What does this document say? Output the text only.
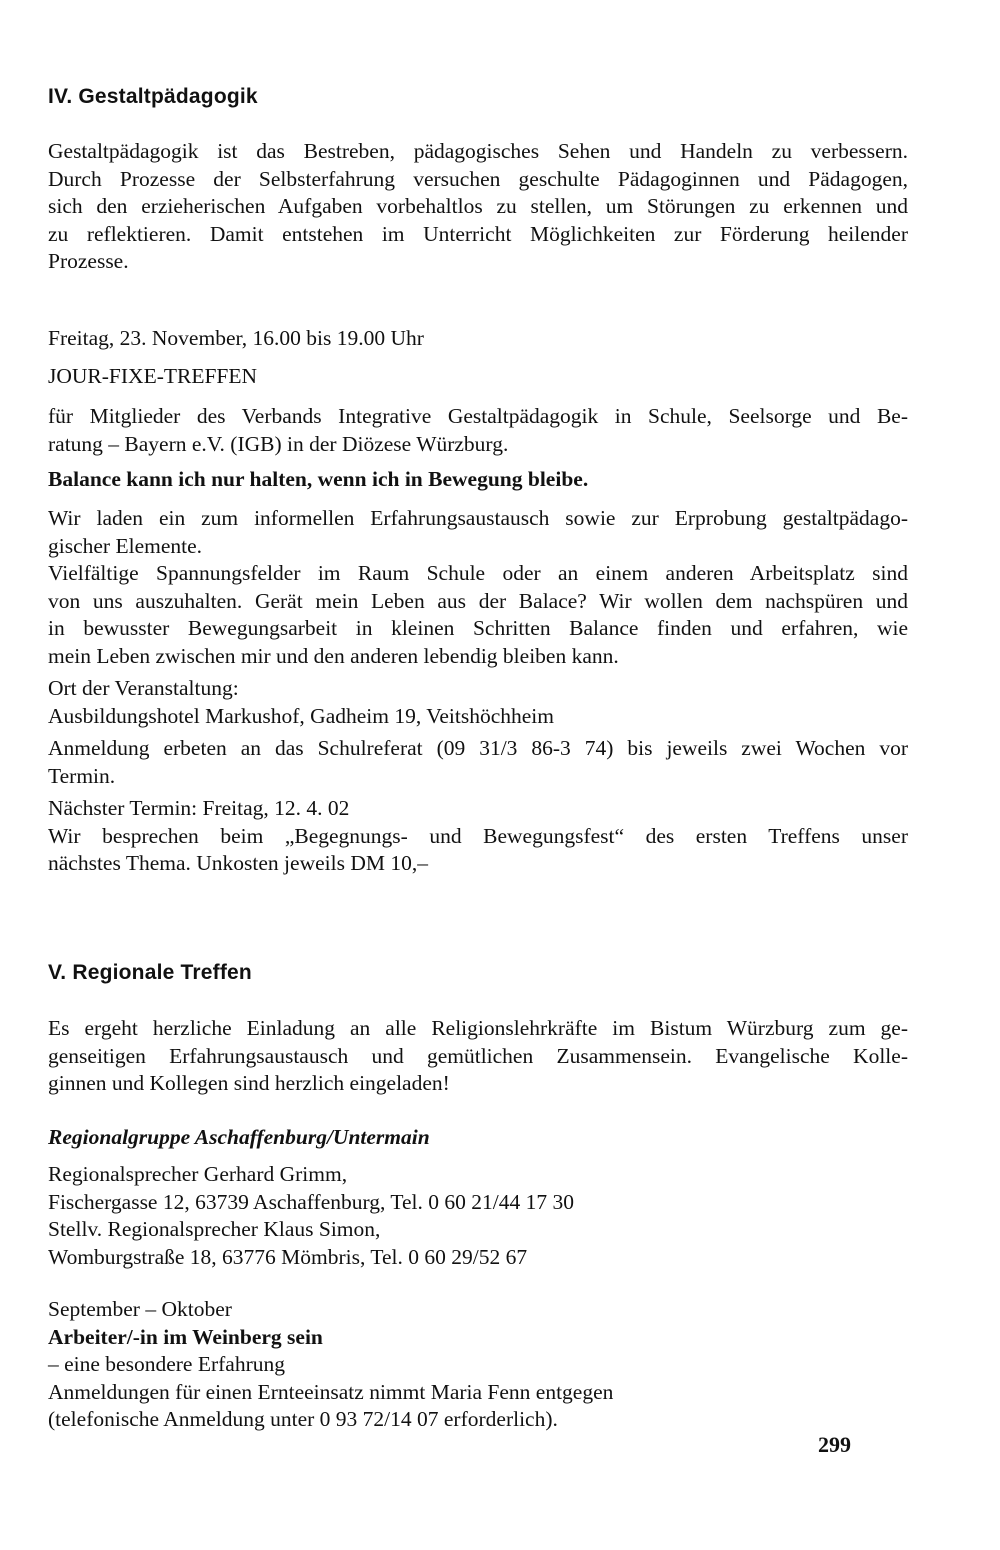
IV. Gestaltpädagogik
Gestaltpädagogik ist das Bestreben, pädagogisches Sehen und Handeln zu verbessern.
Durch Prozesse der Selbsterfahrung versuchen geschulte Pädagoginnen und Pädagogen,
sich den erzieherischen Aufgaben vorbehaltlos zu stellen, um Störungen zu erkennen und
zu reflektieren. Damit entstehen im Unterricht Möglichkeiten zur Förderung heilender
Prozesse.
Freitag, 23. November, 16.00 bis 19.00 Uhr
JOUR-FIXE-TREFFEN
für Mitglieder des Verbands Integrative Gestaltpädagogik in Schule, Seelsorge und Be-
ratung – Bayern e.V. (IGB) in der Diözese Würzburg.
Balance kann ich nur halten, wenn ich in Bewegung bleibe.
Wir laden ein zum informellen Erfahrungsaustausch sowie zur Erprobung gestaltpädago-
gischer Elemente.
Vielfältige Spannungsfelder im Raum Schule oder an einem anderen Arbeitsplatz sind
von uns auszuhalten. Gerät mein Leben aus der Balace? Wir wollen dem nachspüren und
in bewusster Bewegungsarbeit in kleinen Schritten Balance finden und erfahren, wie
mein Leben zwischen mir und den anderen lebendig bleiben kann.
Ort der Veranstaltung:
Ausbildungshotel Markushof, Gadheim 19, Veitshöchheim
Anmeldung erbeten an das Schulreferat (09 31/3 86-3 74) bis jeweils zwei Wochen vor
Termin.
Nächster Termin: Freitag, 12. 4. 02
Wir besprechen beim „Begegnungs- und Bewegungsfest“ des ersten Treffens unser
nächstes Thema. Unkosten jeweils DM 10,–
V. Regionale Treffen
Es ergeht herzliche Einladung an alle Religionslehrkräfte im Bistum Würzburg zum ge-
genseitigen Erfahrungsaustausch und gemütlichen Zusammensein. Evangelische Kolle-
ginnen und Kollegen sind herzlich eingeladen!
Regionalgruppe Aschaffenburg/Untermain
Regionalsprecher Gerhard Grimm,
Fischergasse 12, 63739 Aschaffenburg, Tel. 0 60 21/44 17 30
Stellv. Regionalsprecher Klaus Simon,
Womburgstraße 18, 63776 Mömbris, Tel. 0 60 29/52 67
September – Oktober
Arbeiter/-in im Weinberg sein
– eine besondere Erfahrung
Anmeldungen für einen Ernteeinsatz nimmt Maria Fenn entgegen
(telefonische Anmeldung unter 0 93 72/14 07 erforderlich).
299
